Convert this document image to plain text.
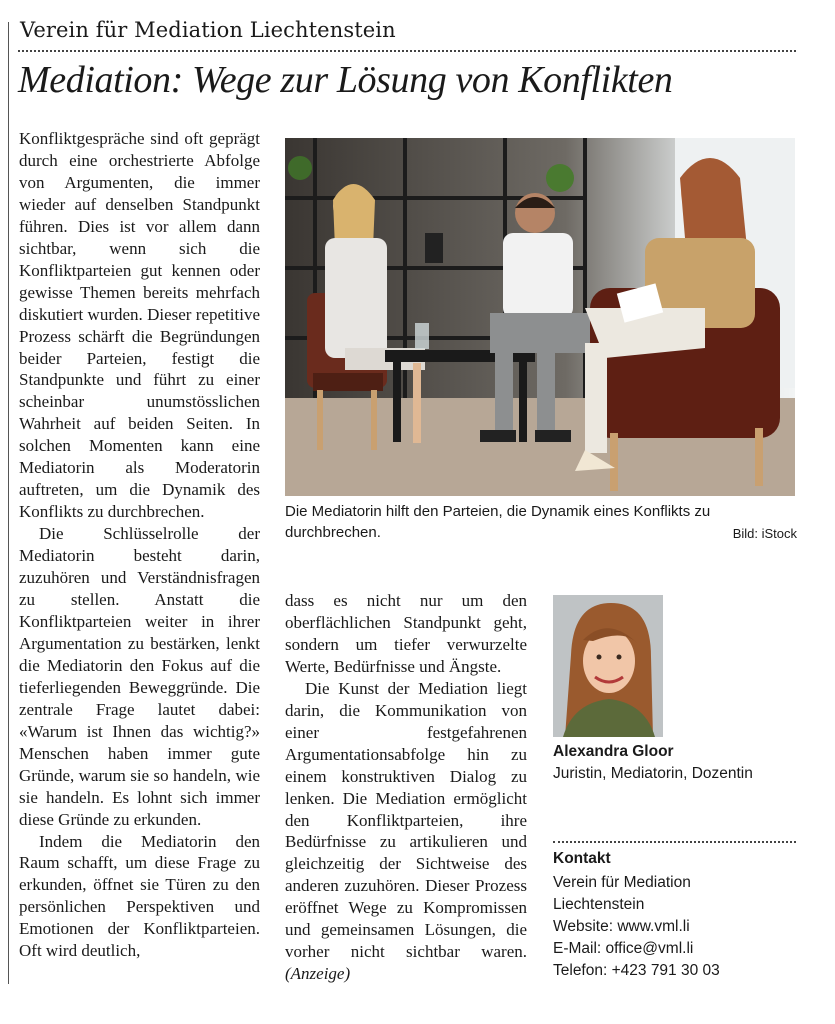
Verein für Mediation Liechtenstein
Mediation: Wege zur Lösung von Konflikten

Konfliktgespräche sind oft geprägt durch eine orchestrierte Abfolge von Argumenten, die immer wieder auf denselben Standpunkt führen. Dies ist vor allem dann sichtbar, wenn sich die Konfliktparteien gut kennen oder gewisse Themen bereits mehrfach diskutiert wurden. Dieser repetitive Prozess schärft die Begründungen beider Parteien, festigt die Standpunkte und führt zu einer scheinbar unumstösslichen Wahrheit auf beiden Seiten. In solchen Momenten kann eine Mediatorin als Moderatorin auftreten, um die Dynamik des Konflikts zu durchbrechen.

Die Schlüsselrolle der Mediatorin besteht darin, zuzuhören und Verständnisfragen zu stellen. Anstatt die Konfliktparteien weiter in ihrer Argumentation zu bestärken, lenkt die Mediatorin den Fokus auf die tieferliegenden Beweggründe. Die zentrale Frage lautet dabei: «Warum ist Ihnen das wichtig?» Menschen haben immer gute Gründe, warum sie so handeln, wie sie handeln. Es lohnt sich immer diese Gründe zu erkunden.

Indem die Mediatorin den Raum schafft, um diese Frage zu erkunden, öffnet sie Türen zu den persönlichen Perspektiven und Emotionen der Konfliktparteien. Oft wird deutlich,

Die Mediatorin hilft den Parteien, die Dynamik eines Konflikts zu durchbrechen.	Bild: iStock

dass es nicht nur um den oberflächlichen Standpunkt geht, sondern um tiefer verwurzelte Werte, Bedürfnisse und Ängste.

Die Kunst der Mediation liegt darin, die Kommunikation von einer festgefahrenen Argumentationsabfolge hin zu einem konstruktiven Dialog zu lenken. Die Mediation ermöglicht den Konfliktparteien, ihre Bedürfnisse zu artikulieren und gleichzeitig der Sichtweise des anderen zuzuhören. Dieser Prozess eröffnet Wege zu Kompromissen und gemeinsamen Lösungen, die vorher nicht sichtbar waren. (Anzeige)

Alexandra Gloor
Juristin, Mediatorin, Dozentin
Kontakt
Verein für Mediation
Liechtenstein
Website: www.vml.li
E-Mail: office@vml.li
Telefon: +423 791 30 03
